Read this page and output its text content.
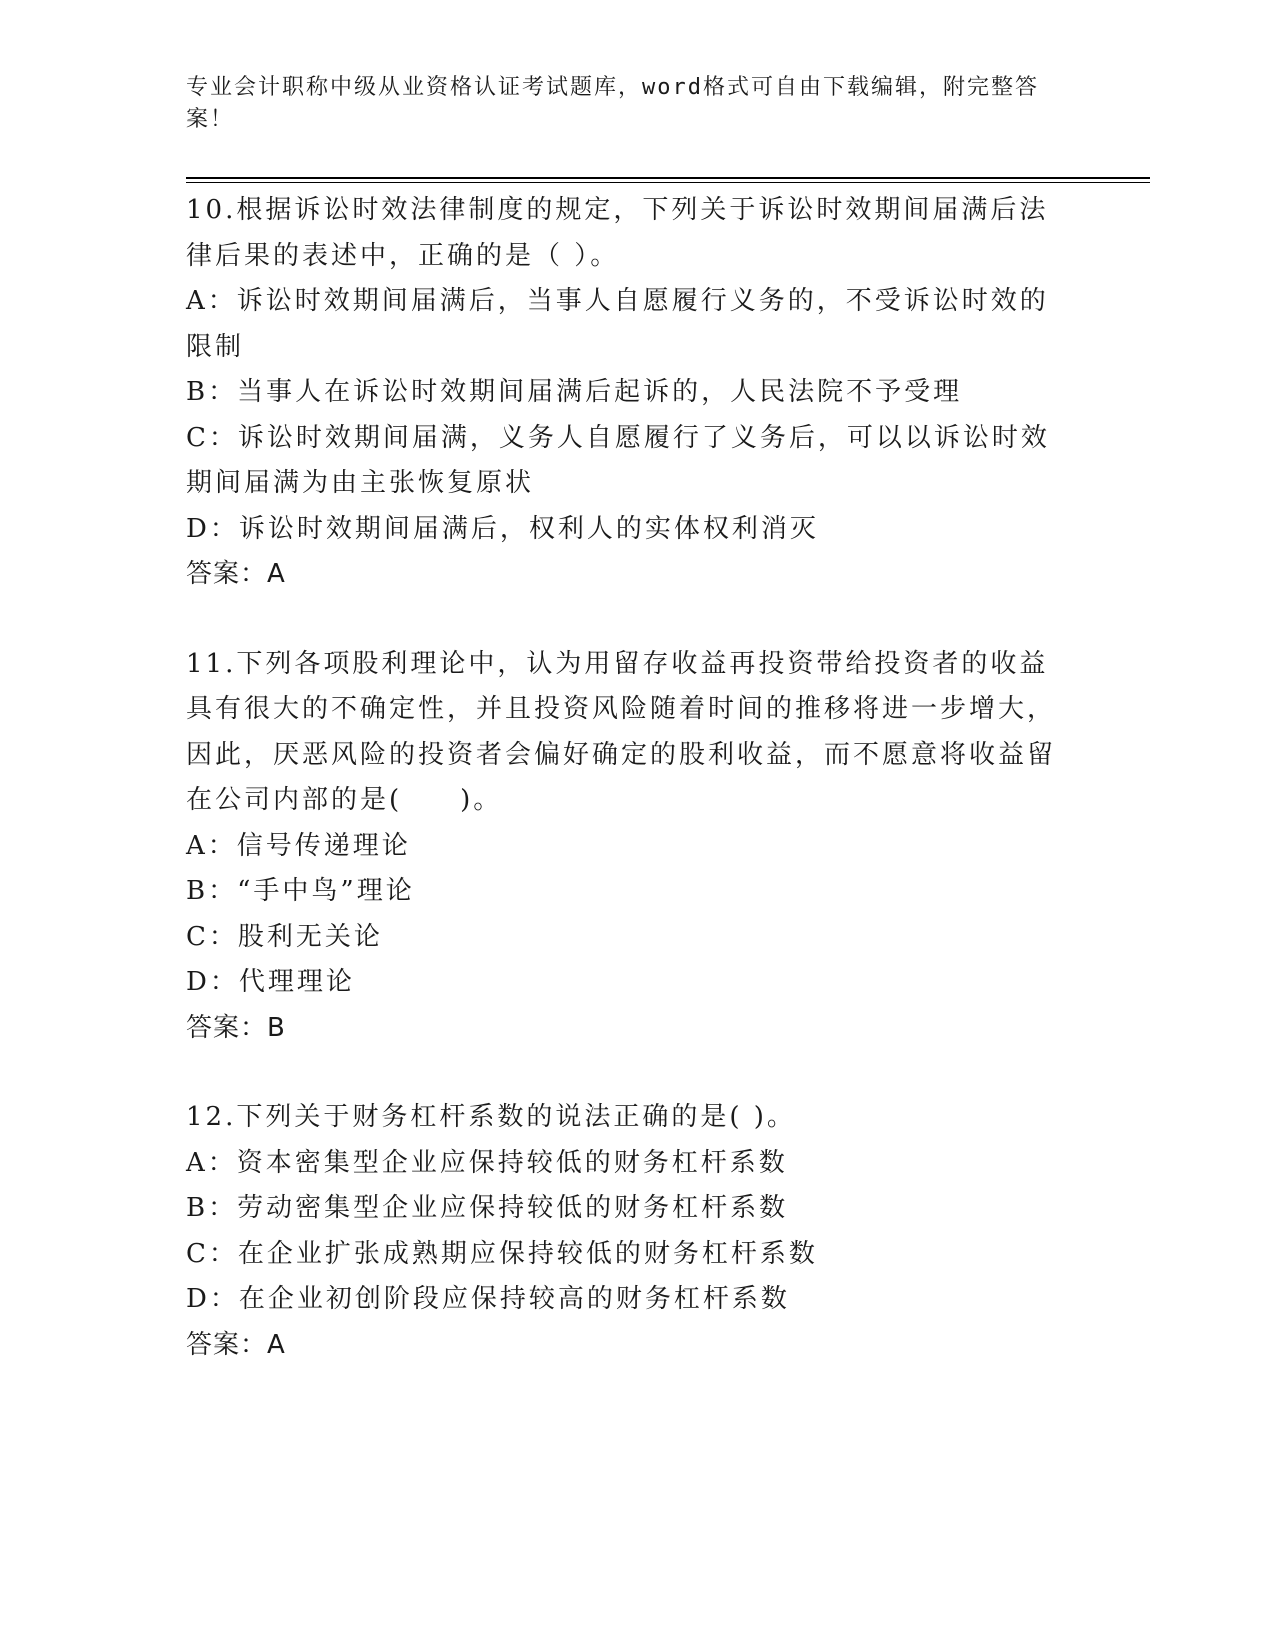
专业会计职称中级从业资格认证考试题库，word格式可自由下载编辑，附完整答案！
10.根据诉讼时效法律制度的规定，下列关于诉讼时效期间届满后法律后果的表述中，正确的是（ ）。
A：诉讼时效期间届满后，当事人自愿履行义务的，不受诉讼时效的限制
B：当事人在诉讼时效期间届满后起诉的，人民法院不予受理
C：诉讼时效期间届满，义务人自愿履行了义务后，可以以诉讼时效期间届满为由主张恢复原状
D：诉讼时效期间届满后，权利人的实体权利消灭
答案：A
11.下列各项股利理论中，认为用留存收益再投资带给投资者的收益具有很大的不确定性，并且投资风险随着时间的推移将进一步增大，因此，厌恶风险的投资者会偏好确定的股利收益，而不愿意将收益留在公司内部的是(　　)。
A：信号传递理论
B：“手中鸟”理论
C：股利无关论
D：代理理论
答案：B
12.下列关于财务杠杆系数的说法正确的是( )。
A：资本密集型企业应保持较低的财务杠杆系数
B：劳动密集型企业应保持较低的财务杠杆系数
C：在企业扩张成熟期应保持较低的财务杠杆系数
D：在企业初创阶段应保持较高的财务杠杆系数
答案：A
